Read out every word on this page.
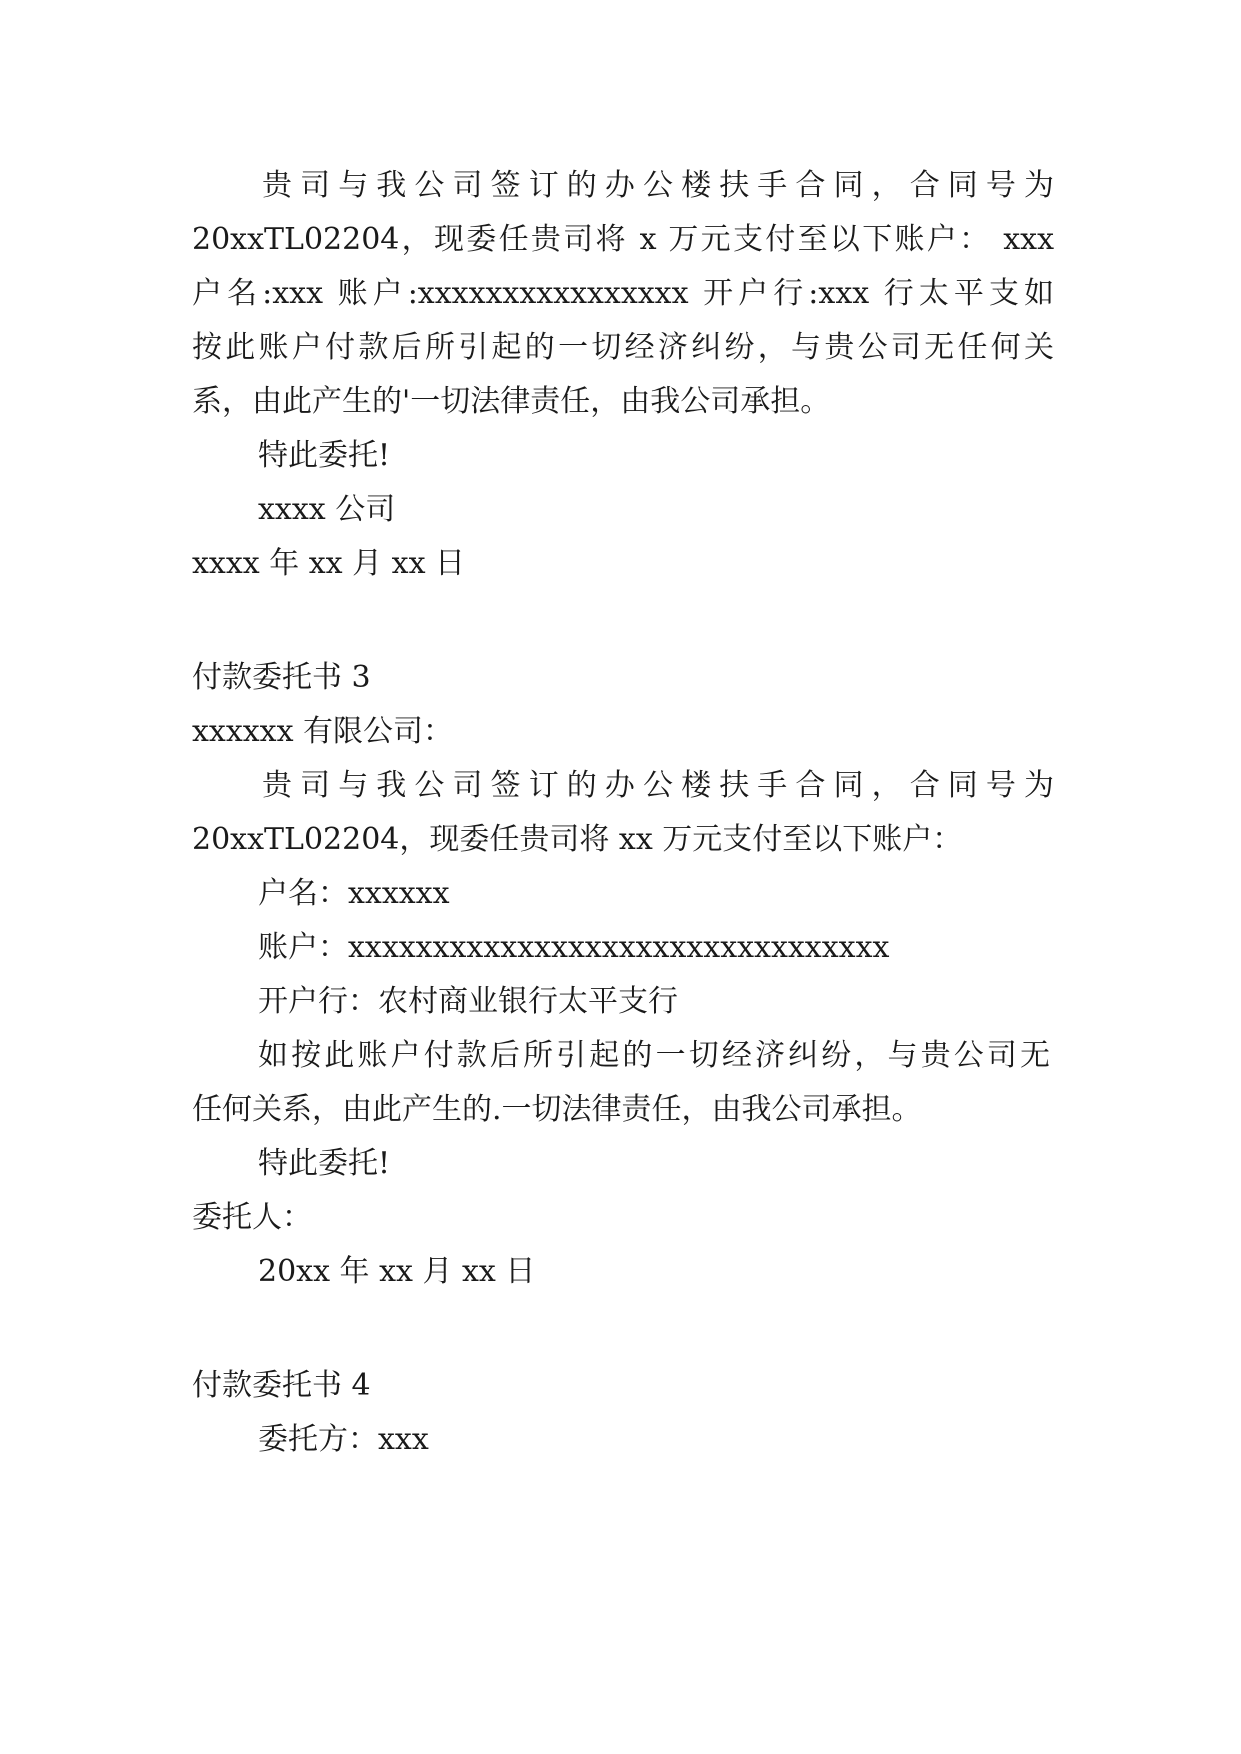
贵司与我公司签订的办公楼扶手合同，合同号为
20xxTL02204，现委任贵司将 x 万元支付至以下账户： xxx
户名:xxx 账户:xxxxxxxxxxxxxxxx 开户行:xxx 行太平支如
按此账户付款后所引起的一切经济纠纷，与贵公司无任何关
系，由此产生的'一切法律责任，由我公司承担。
特此委托!
xxxx 公司
xxxx 年 xx 月 xx 日
付款委托书 3
xxxxxx 有限公司：
贵司与我公司签订的办公楼扶手合同，合同号为
20xxTL02204，现委任贵司将 xx 万元支付至以下账户：
户名：xxxxxx
账户：xxxxxxxxxxxxxxxxxxxxxxxxxxxxxxxx
开户行：农村商业银行太平支行
如按此账户付款后所引起的一切经济纠纷，与贵公司无
任何关系，由此产生的.一切法律责任，由我公司承担。
特此委托!
委托人：
20xx 年 xx 月 xx 日
付款委托书 4
委托方：xxx
